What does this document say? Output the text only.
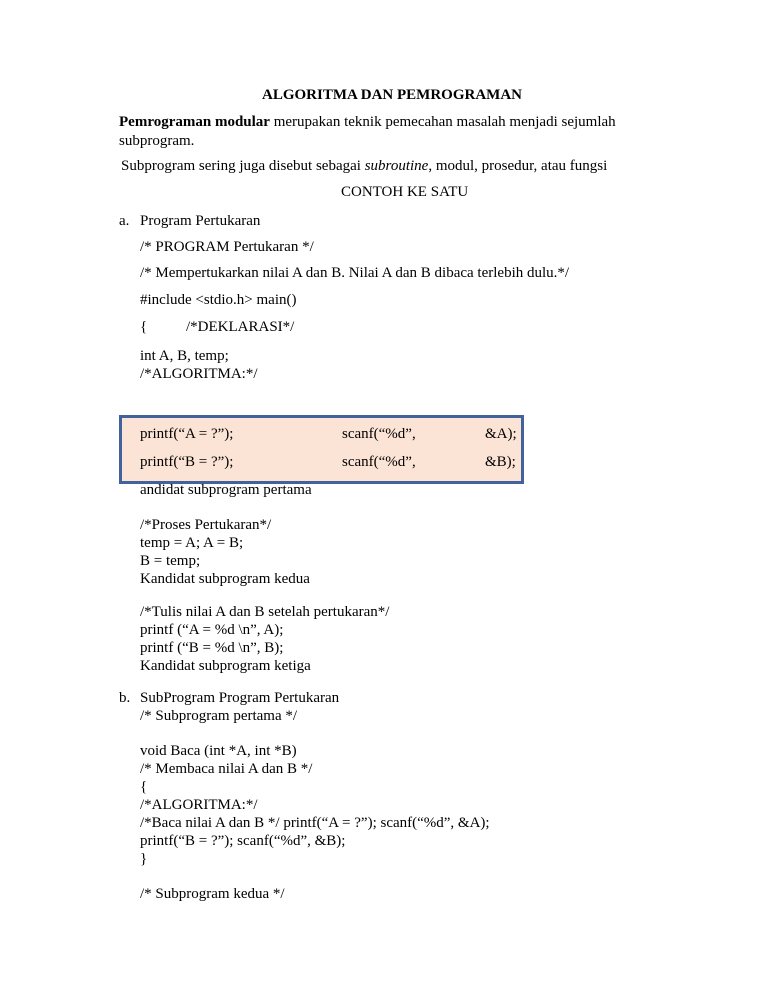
ALGORITMA DAN PEMROGRAMAN
Pemrograman modular merupakan teknik pemecahan masalah menjadi sejumlah
subprogram.
Subprogram sering juga disebut sebagai subroutine, modul, prosedur, atau fungsi
CONTOH KE SATU
a. Program Pertukaran
/* PROGRAM Pertukaran */
/* Mempertukarkan nilai A dan B. Nilai A dan B dibaca terlebih dulu.*/
#include <stdio.h> main()
{	/*DEKLARASI*/
int A, B, temp;
/*ALGORITMA:*/
printf(“A = ?”);	scanf(“%d”,	&A);
printf(“B = ?”);	scanf(“%d”,	&B);
andidat subprogram pertama
/*Proses Pertukaran*/
temp = A; A = B;
B = temp;
Kandidat subprogram kedua
/*Tulis nilai A dan B setelah pertukaran*/
printf (“A = %d \n”, A);
printf (“B = %d \n”, B);
Kandidat subprogram ketiga
b. SubProgram Program Pertukaran
/* Subprogram pertama */
void Baca (int *A, int *B)
/* Membaca nilai A dan B */
{
/*ALGORITMA:*/
/*Baca nilai A dan B */ printf(“A = ?”); scanf(“%d”, &A);
printf(“B = ?”); scanf(“%d”, &B);
}
/* Subprogram kedua */
